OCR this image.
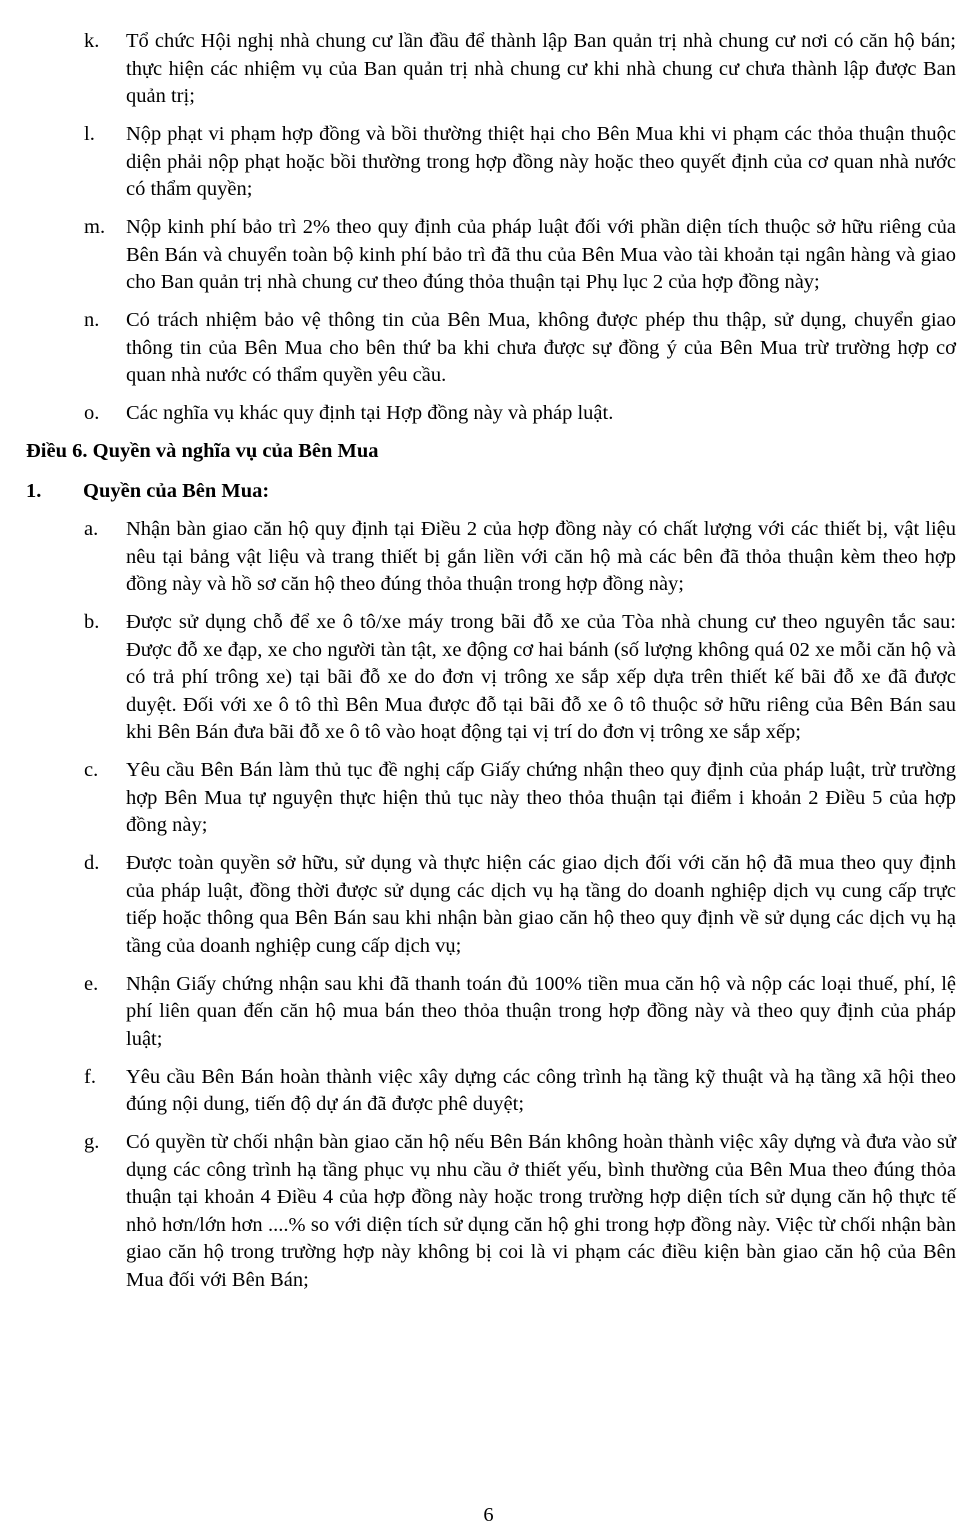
k. Tổ chức Hội nghị nhà chung cư lần đầu để thành lập Ban quản trị nhà chung cư nơi có căn hộ bán; thực hiện các nhiệm vụ của Ban quản trị nhà chung cư khi nhà chung cư chưa thành lập được Ban quản trị;
l. Nộp phạt vi phạm hợp đồng và bồi thường thiệt hại cho Bên Mua khi vi phạm các thỏa thuận thuộc diện phải nộp phạt hoặc bồi thường trong hợp đồng này hoặc theo quyết định của cơ quan nhà nước có thẩm quyền;
m. Nộp kinh phí bảo trì 2% theo quy định của pháp luật đối với phần diện tích thuộc sở hữu riêng của Bên Bán và chuyển toàn bộ kinh phí bảo trì đã thu của Bên Mua vào tài khoản tại ngân hàng và giao cho Ban quản trị nhà chung cư theo đúng thỏa thuận tại Phụ lục 2 của hợp đồng này;
n. Có trách nhiệm bảo vệ thông tin của Bên Mua, không được phép thu thập, sử dụng, chuyển giao thông tin của Bên Mua cho bên thứ ba khi chưa được sự đồng ý của Bên Mua trừ trường hợp cơ quan nhà nước có thẩm quyền yêu cầu.
o. Các nghĩa vụ khác quy định tại Hợp đồng này và pháp luật.
Điều 6. Quyền và nghĩa vụ của Bên Mua
1. Quyền của Bên Mua:
a. Nhận bàn giao căn hộ quy định tại Điều 2 của hợp đồng này có chất lượng với các thiết bị, vật liệu nêu tại bảng vật liệu và trang thiết bị gắn liền với căn hộ mà các bên đã thỏa thuận kèm theo hợp đồng này và hồ sơ căn hộ theo đúng thỏa thuận trong hợp đồng này;
b. Được sử dụng chỗ để xe ô tô/xe máy trong bãi đỗ xe của Tòa nhà chung cư theo nguyên tắc sau: Được đỗ xe đạp, xe cho người tàn tật, xe động cơ hai bánh (số lượng không quá 02 xe mỗi căn hộ và có trả phí trông xe) tại bãi đỗ xe do đơn vị trông xe sắp xếp dựa trên thiết kế bãi đỗ xe đã được duyệt. Đối với xe ô tô thì Bên Mua được đỗ tại bãi đỗ xe ô tô thuộc sở hữu riêng của Bên Bán sau khi Bên Bán đưa bãi đỗ xe ô tô vào hoạt động tại vị trí do đơn vị trông xe sắp xếp;
c. Yêu cầu Bên Bán làm thủ tục đề nghị cấp Giấy chứng nhận theo quy định của pháp luật, trừ trường hợp Bên Mua tự nguyện thực hiện thủ tục này theo thỏa thuận tại điểm i khoản 2 Điều 5 của hợp đồng này;
d. Được toàn quyền sở hữu, sử dụng và thực hiện các giao dịch đối với căn hộ đã mua theo quy định của pháp luật, đồng thời được sử dụng các dịch vụ hạ tầng do doanh nghiệp dịch vụ cung cấp trực tiếp hoặc thông qua Bên Bán sau khi nhận bàn giao căn hộ theo quy định về sử dụng các dịch vụ hạ tầng của doanh nghiệp cung cấp dịch vụ;
e. Nhận Giấy chứng nhận sau khi đã thanh toán đủ 100% tiền mua căn hộ và nộp các loại thuế, phí, lệ phí liên quan đến căn hộ mua bán theo thỏa thuận trong hợp đồng này và theo quy định của pháp luật;
f. Yêu cầu Bên Bán hoàn thành việc xây dựng các công trình hạ tầng kỹ thuật và hạ tầng xã hội theo đúng nội dung, tiến độ dự án đã được phê duyệt;
g. Có quyền từ chối nhận bàn giao căn hộ nếu Bên Bán không hoàn thành việc xây dựng và đưa vào sử dụng các công trình hạ tầng phục vụ nhu cầu ở thiết yếu, bình thường của Bên Mua theo đúng thỏa thuận tại khoản 4 Điều 4 của hợp đồng này hoặc trong trường hợp diện tích sử dụng căn hộ thực tế nhỏ hơn/lớn hơn ....% so với diện tích sử dụng căn hộ ghi trong hợp đồng này. Việc từ chối nhận bàn giao căn hộ trong trường hợp này không bị coi là vi phạm các điều kiện bàn giao căn hộ của Bên Mua đối với Bên Bán;
6
